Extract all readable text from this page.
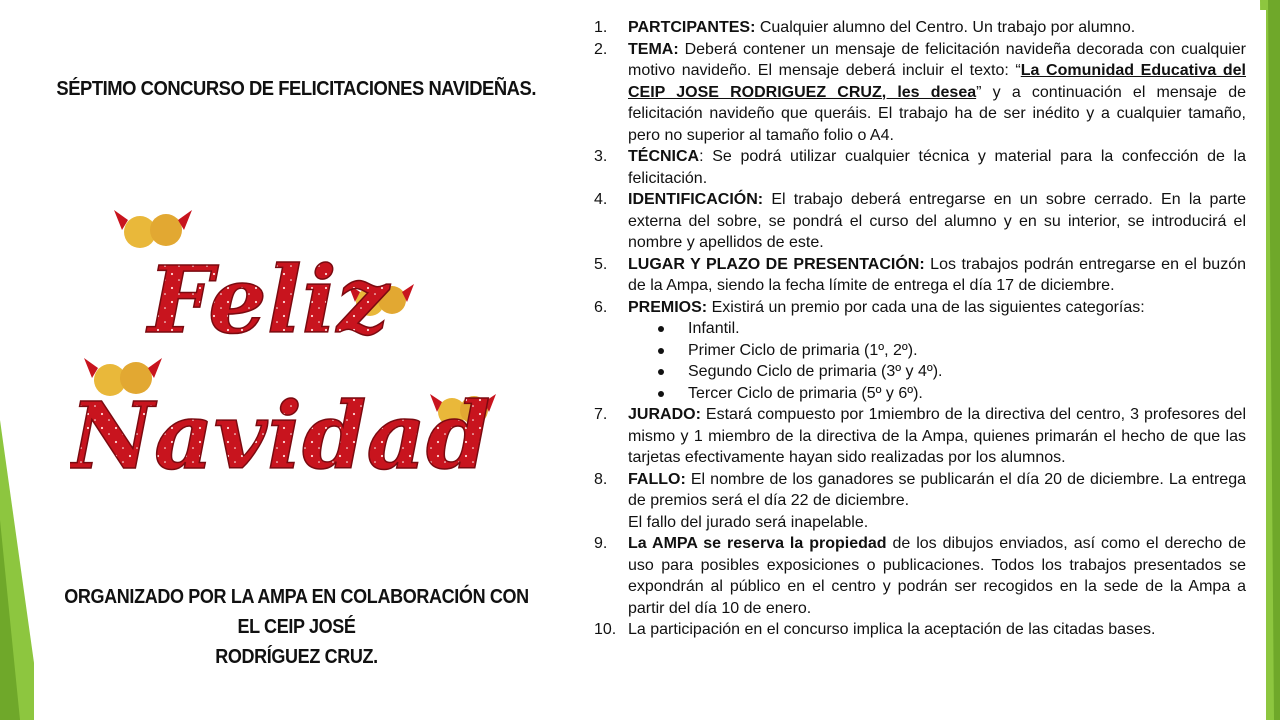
SÉPTIMO CONCURSO DE FELICITACIONES NAVIDEÑAS.
Feliz
Navidad
ORGANIZADO POR LA AMPA EN COLABORACIÓN CON EL CEIP JOSÉ
RODRÍGUEZ CRUZ.
1. PARTCIPANTES: Cualquier alumno del Centro. Un trabajo por alumno.
2. TEMA: Deberá contener un mensaje de felicitación navideña decorada con cualquier motivo navideño. El mensaje deberá incluir el texto: “La Comunidad Educativa del CEIP JOSE RODRIGUEZ CRUZ, les desea” y a continuación el mensaje de felicitación navideño que queráis. El trabajo ha de ser inédito y a cualquier tamaño, pero no superior al tamaño folio o A4.
3. TÉCNICA: Se podrá utilizar cualquier técnica y material para la confección de la felicitación.
4. IDENTIFICACIÓN: El trabajo deberá entregarse en un sobre cerrado. En la parte externa del sobre, se pondrá el curso del alumno y en su interior, se introducirá el nombre y apellidos de este.
5. LUGAR Y PLAZO DE PRESENTACIÓN: Los trabajos podrán entregarse en el buzón de la Ampa, siendo la fecha límite de entrega el día 17 de diciembre.
6. PREMIOS: Existirá un premio por cada una de las siguientes categorías:
Infantil.
Primer Ciclo de primaria (1º, 2º).
Segundo Ciclo de primaria (3º y 4º).
Tercer Ciclo de primaria (5º y 6º).
7. JURADO: Estará compuesto por 1miembro de la directiva del centro, 3 profesores del mismo y 1 miembro de la directiva de la Ampa, quienes primarán el hecho de que las tarjetas efectivamente hayan sido realizadas por los alumnos.
8. FALLO: El nombre de los ganadores se publicarán el día 20 de diciembre. La entrega de premios será el día 22 de diciembre.
El fallo del jurado será inapelable.
9. La AMPA se reserva la propiedad de los dibujos enviados, así como el derecho de uso para posibles exposiciones o publicaciones. Todos los trabajos presentados se expondrán al público en el centro y podrán ser recogidos en la sede de la Ampa a partir del día 10 de enero.
10. La participación en el concurso implica la aceptación de las citadas bases.
